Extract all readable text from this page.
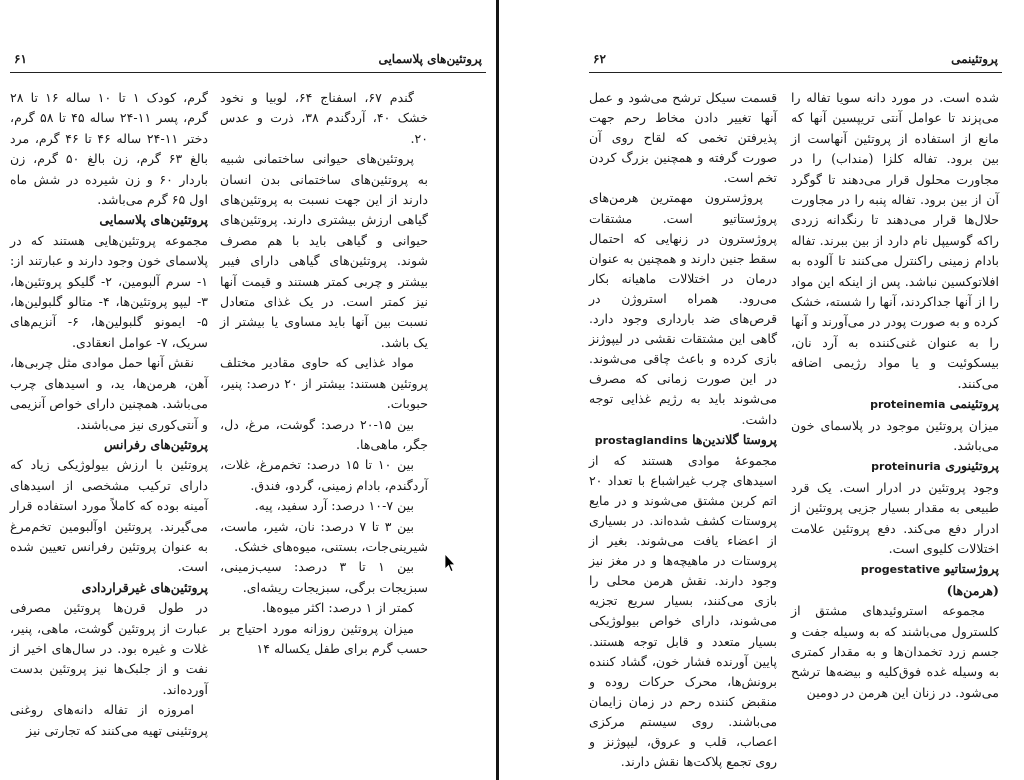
پروتئین‌های پلاسمایی
۶۱

گندم ۶۷، اسفناج ۶۴، لوبیا و نخود خشک ۴۰، آردگندم ۳۸، ذرت و عدس ۲۰.

پروتئین‌های حیوانی ساختمانی شبیه به پروتئین‌های ساختمانی بدن انسان دارند از این جهت نسبت به پروتئین‌های گیاهی ارزش بیشتری دارند. پروتئین‌های حیوانی و گیاهی باید با هم مصرف شوند. پروتئین‌های گیاهی دارای فیبر بیشتر و چربی کمتر هستند و قیمت آنها نیز کمتر است. در یک غذای متعادل نسبت بین آنها باید مساوی یا بیشتر از یک باشد.

مواد غذایی که حاوی مقادیر مختلف پروتئین هستند: بیشتر از ۲۰ درصد: پنیر، حبوبات.

بین ۱۵-۲۰ درصد: گوشت، مرغ، دل، جگر، ماهی‌ها.

بین ۱۰ تا ۱۵ درصد: تخم‌مرغ، غلات، آردگندم، بادام زمینی، گردو، فندق.

بین ۷-۱۰ درصد: آرد سفید، پیه.

بین ۳ تا ۷ درصد: نان، شیر، ماست، شیرینی‌جات، بستنی، میوه‌های خشک.

بین ۱ تا ۳ درصد: سیب‌زمینی، سبزیجات برگی، سبزیجات ریشه‌ای.

کمتر از ۱ درصد: اکثر میوه‌ها.

میزان پروتئین روزانه مورد احتیاج بر حسب گرم برای طفل یکساله ۱۴

گرم، کودک ۱ تا ۱۰ ساله ۱۶ تا ۲۸ گرم، پسر ۱۱-۲۴ ساله ۴۵ تا ۵۸ گرم، دختر ۱۱-۲۴ ساله ۴۶ تا ۴۶ گرم، مرد بالغ ۶۳ گرم، زن بالغ ۵۰ گرم، زن باردار ۶۰ و زن شیرده در شش ماه اول ۶۵ گرم می‌باشد.

پروتئین‌های پلاسمایی

مجموعه پروتئین‌هایی هستند که در پلاسمای خون وجود دارند و عبارتند از: ۱- سرم آلبومین، ۲- گلیکو پروتئین‌ها، ۳- لیپو پروتئین‌ها، ۴- متالو گلبولین‌ها، ۵- ایمونو گلبولین‌ها، ۶- آنزیم‌های سریک، ۷- عوامل انعقادی.

نقش آنها حمل موادی مثل چربی‌ها، آهن، هرمن‌ها، ید، و اسیدهای چرب می‌باشد. همچنین دارای خواص آنزیمی و آنتی‌کوری نیز می‌باشند.

پروتئین‌های رفرانس

پروتئین با ارزش بیولوژیکی زیاد که دارای ترکیب مشخصی از اسیدهای آمینه بوده که کاملاً مورد استفاده قرار می‌گیرند. پروتئین اوآلبومین تخم‌مرغ به عنوان پروتئین رفرانس تعیین شده است.

پروتئین‌های غیرقراردادی

در طول قرن‌ها پروتئین مصرفی عبارت از پروتئین گوشت، ماهی، پنیر، غلات و غیره بود. در سال‌های اخیر از نفت و از جلبک‌ها نیز پروتئین بدست آورده‌اند.

امروزه از تفاله دانه‌های روغنی پروتئینی تهیه می‌کنند که تجارتی نیز

پروتئینمی
۶۲

شده است. در مورد دانه سویا تفاله را می‌پزند تا عوامل آنتی تریپسین آنها که مانع از استفاده از پروتئین آنهاست از بین برود. تفاله کلزا (منداب) را در مجاورت محلول قرار می‌دهند تا گوگرد آن از بین برود. تفاله پنبه را در مجاورت حلال‌ها قرار می‌دهند تا رنگدانه زردی راکه گوسیپل نام دارد از بین ببرند. تفاله بادام زمینی راکنترل می‌کنند تا آلوده به افلاتوکسین نباشد. پس از اینکه این مواد را از آنها جداکردند، آنها را شسته، خشک کرده و به صورت پودر در می‌آورند و آنها را به عنوان غنی‌کننده به آرد نان، بیسکوئیت و یا مواد رژیمی اضافه می‌کنند.

پروتئینمی proteinemia

میزان پروتئین موجود در پلاسمای خون می‌باشد.

پروتئینوری proteinuria

وجود پروتئین در ادرار است. یک قرد طبیعی به مقدار بسیار جزیی پروتئین از ادرار دفع می‌کند. دفع پروتئین علامت اختلالات کلیوی است.

پروژستاتیو progestative

(هرمن‌ها)

مجموعه استروئیدهای مشتق از کلسترول می‌باشند که به وسیله جفت و جسم زرد تخمدان‌ها و به مقدار کمتری به وسیله غده فوق‌کلیه و بیضه‌ها ترشح می‌شود. در زنان این هرمن در دومین

قسمت سیکل ترشح می‌شود و عمل آنها تغییر دادن مخاط رحم جهت پذیرفتن تخمی که لقاح روی آن صورت گرفته و همچنین بزرگ کردن تخم است.

پروژسترون مهمترین هرمن‌های پروژستاتیو است. مشتقات پروژسترون در زنهایی که احتمال سقط جنین دارند و همچنین به عنوان درمان در اختلالات ماهیانه بکار می‌رود. همراه استروژن در قرص‌های ضد بارداری وجود دارد. گاهی این مشتقات نقشی در لیپوژنز بازی کرده و باعث چاقی می‌شوند. در این صورت زمانی که مصرف می‌شوند باید به رژیم غذایی توجه داشت.

پروستا گلاندین‌ها prostaglandins

مجموعهٔ موادی هستند که از اسیدهای چرب غیراشباع با تعداد ۲۰ اتم کربن مشتق می‌شوند و در مایع پروستات کشف شده‌اند. در بسیاری از اعضاء یافت می‌شوند. بغیر از پروستات در ماهیچه‌ها و در مغز نیز وجود دارند. نقش هرمن محلی را بازی می‌کنند، بسیار سریع تجزیه می‌شوند، دارای خواص بیولوژیکی بسیار متعدد و قابل توجه هستند. پایین آورنده فشار خون، گشاد کننده برونش‌ها، محرک حرکات روده و منقبض کننده رحم در زمان زایمان می‌باشند. روی سیستم مرکزی اعصاب، قلب و عروق، لیپوژنز و روی تجمع پلاکت‌ها نقش دارند.
